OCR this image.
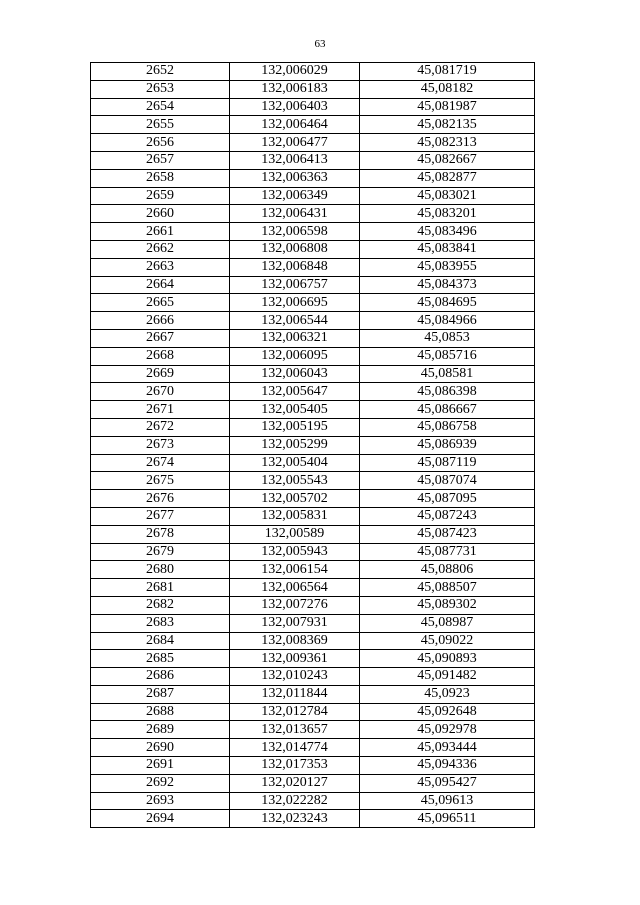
63
2652	132,006029	45,081719
2653	132,006183	45,08182
2654	132,006403	45,081987
2655	132,006464	45,082135
2656	132,006477	45,082313
2657	132,006413	45,082667
2658	132,006363	45,082877
2659	132,006349	45,083021
2660	132,006431	45,083201
2661	132,006598	45,083496
2662	132,006808	45,083841
2663	132,006848	45,083955
2664	132,006757	45,084373
2665	132,006695	45,084695
2666	132,006544	45,084966
2667	132,006321	45,0853
2668	132,006095	45,085716
2669	132,006043	45,08581
2670	132,005647	45,086398
2671	132,005405	45,086667
2672	132,005195	45,086758
2673	132,005299	45,086939
2674	132,005404	45,087119
2675	132,005543	45,087074
2676	132,005702	45,087095
2677	132,005831	45,087243
2678	132,00589	45,087423
2679	132,005943	45,087731
2680	132,006154	45,08806
2681	132,006564	45,088507
2682	132,007276	45,089302
2683	132,007931	45,08987
2684	132,008369	45,09022
2685	132,009361	45,090893
2686	132,010243	45,091482
2687	132,011844	45,0923
2688	132,012784	45,092648
2689	132,013657	45,092978
2690	132,014774	45,093444
2691	132,017353	45,094336
2692	132,020127	45,095427
2693	132,022282	45,09613
2694	132,023243	45,096511
